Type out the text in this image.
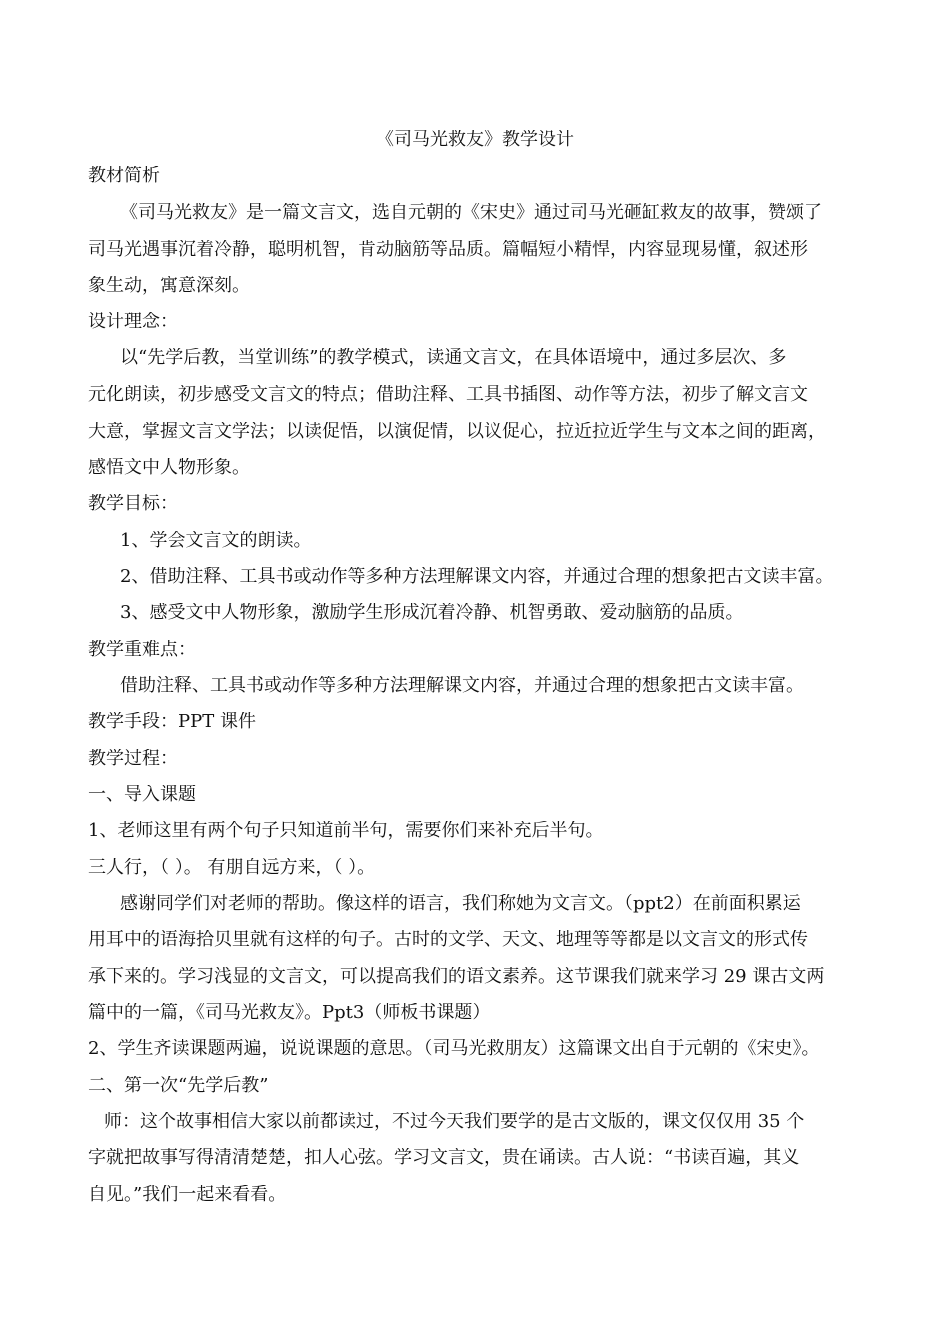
《司马光救友》教学设计
教材简析
《司马光救友》是一篇文言文，选自元朝的《宋史》通过司马光砸缸救友的故事，赞颂了
司马光遇事沉着冷静，聪明机智，肯动脑筋等品质。篇幅短小精悍，内容显现易懂，叙述形
象生动，寓意深刻。
设计理念：
以“先学后教，当堂训练”的教学模式，读通文言文，在具体语境中，通过多层次、多
元化朗读，初步感受文言文的特点；借助注释、工具书插图、动作等方法，初步了解文言文
大意，掌握文言文学法；以读促悟，以演促情，以议促心，拉近拉近学生与文本之间的距离，
感悟文中人物形象。
教学目标：
1、学会文言文的朗读。
2、借助注释、工具书或动作等多种方法理解课文内容，并通过合理的想象把古文读丰富。
3、感受文中人物形象，激励学生形成沉着冷静、机智勇敢、爱动脑筋的品质。
教学重难点：
借助注释、工具书或动作等多种方法理解课文内容，并通过合理的想象把古文读丰富。
教学手段：PPT 课件
教学过程：
一、导入课题
1、老师这里有两个句子只知道前半句，需要你们来补充后半句。
三人行，（ ）。 有朋自远方来，（ ）。
感谢同学们对老师的帮助。像这样的语言，我们称她为文言文。（ppt2）在前面积累运
用耳中的语海拾贝里就有这样的句子。古时的文学、天文、地理等等都是以文言文的形式传
承下来的。学习浅显的文言文，可以提高我们的语文素养。这节课我们就来学习 29 课古文两
篇中的一篇，《司马光救友》。Ppt3（师板书课题）
2、学生齐读课题两遍，说说课题的意思。（司马光救朋友）这篇课文出自于元朝的《宋史》。
二、第一次“先学后教”
师：这个故事相信大家以前都读过，不过今天我们要学的是古文版的，课文仅仅用 35 个
字就把故事写得清清楚楚，扣人心弦。学习文言文，贵在诵读。古人说：“书读百遍，其义
自见。”我们一起来看看。
